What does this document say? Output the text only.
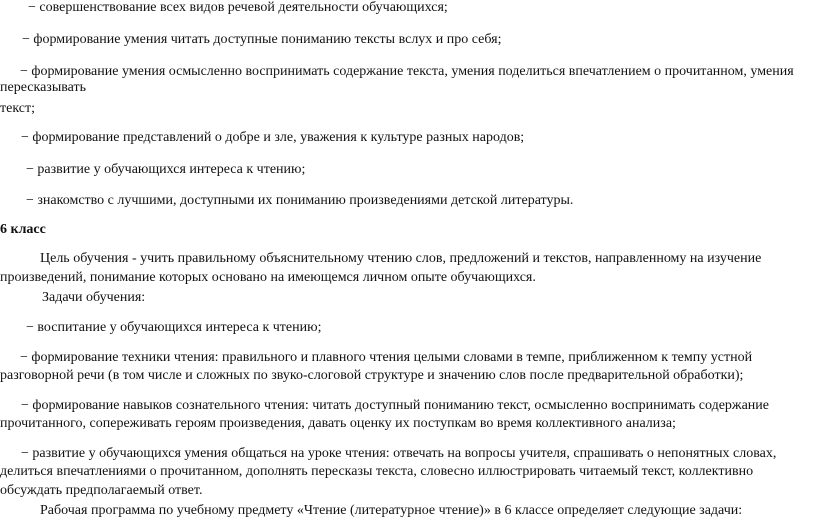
− совершенствование всех видов речевой деятельности обучающихся;
− формирование умения читать доступные пониманию тексты вслух и про себя;
− формирование умения осмысленно воспринимать содержание текста, умения поделиться впечатлением о прочитанном, умения
пересказывать
текст;
− формирование представлений о добре и зле, уважения к культуре разных народов;
− развитие у обучающихся интереса к чтению;
− знакомство с лучшими, доступными их пониманию произведениями детской литературы.
6 класс
Цель обучения - учить правильному объяснительному чтению слов, предложений и текстов, направленному на изучение
произведений, понимание которых основано на имеющемся личном опыте обучающихся.
Задачи обучения:
− воспитание у обучающихся интереса к чтению;
− формирование техники чтения: правильного и плавного чтения целыми словами в темпе, приближенном к темпу устной
разговорной речи (в том числе и сложных по звуко-слоговой структуре и значению слов после предварительной обработки);
− формирование навыков сознательного чтения: читать доступный пониманию текст, осмысленно воспринимать содержание
прочитанного, сопереживать героям произведения, давать оценку их поступкам во время коллективного анализа;
− развитие у обучающихся умения общаться на уроке чтения: отвечать на вопросы учителя, спрашивать о непонятных словах,
делиться впечатлениями о прочитанном, дополнять пересказы текста, словесно иллюстрировать читаемый текст, коллективно
обсуждать предполагаемый ответ.
Рабочая программа по учебному предмету «Чтение (литературное чтение)» в 6 классе определяет следующие задачи:
